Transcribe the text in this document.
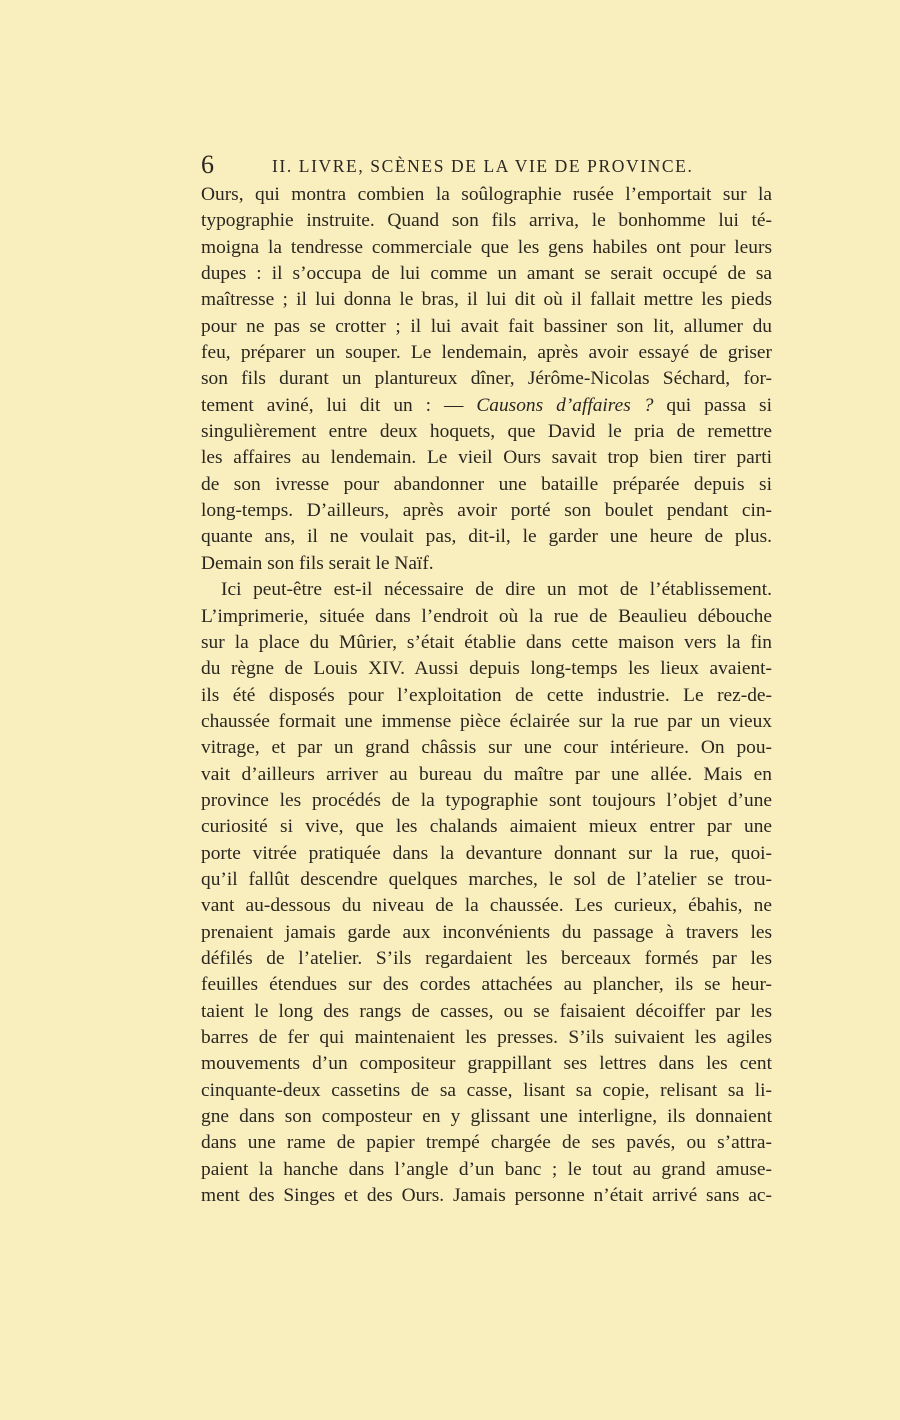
6	II. LIVRE, SCÈNES DE LA VIE DE PROVINCE.
Ours, qui montra combien la soûlographie rusée l’emportait sur la
typographie instruite. Quand son fils arriva, le bonhomme lui té-
moigna la tendresse commerciale que les gens habiles ont pour leurs
dupes : il s’occupa de lui comme un amant se serait occupé de sa
maîtresse ; il lui donna le bras, il lui dit où il fallait mettre les pieds
pour ne pas se crotter ; il lui avait fait bassiner son lit, allumer du
feu, préparer un souper. Le lendemain, après avoir essayé de griser
son fils durant un plantureux dîner, Jérôme-Nicolas Séchard, for-
tement aviné, lui dit un : — Causons d’affaires ? qui passa si
singulièrement entre deux hoquets, que David le pria de remettre
les affaires au lendemain. Le vieil Ours savait trop bien tirer parti
de son ivresse pour abandonner une bataille préparée depuis si
long-temps. D’ailleurs, après avoir porté son boulet pendant cin-
quante ans, il ne voulait pas, dit-il, le garder une heure de plus.
Demain son fils serait le Naïf.
Ici peut-être est-il nécessaire de dire un mot de l’établissement.
L’imprimerie, située dans l’endroit où la rue de Beaulieu débouche
sur la place du Mûrier, s’était établie dans cette maison vers la fin
du règne de Louis XIV. Aussi depuis long-temps les lieux avaient-
ils été disposés pour l’exploitation de cette industrie. Le rez-de-
chaussée formait une immense pièce éclairée sur la rue par un vieux
vitrage, et par un grand châssis sur une cour intérieure. On pou-
vait d’ailleurs arriver au bureau du maître par une allée. Mais en
province les procédés de la typographie sont toujours l’objet d’une
curiosité si vive, que les chalands aimaient mieux entrer par une
porte vitrée pratiquée dans la devanture donnant sur la rue, quoi-
qu’il fallût descendre quelques marches, le sol de l’atelier se trou-
vant au-dessous du niveau de la chaussée. Les curieux, ébahis, ne
prenaient jamais garde aux inconvénients du passage à travers les
défilés de l’atelier. S’ils regardaient les berceaux formés par les
feuilles étendues sur des cordes attachées au plancher, ils se heur-
taient le long des rangs de casses, ou se faisaient décoiffer par les
barres de fer qui maintenaient les presses. S’ils suivaient les agiles
mouvements d’un compositeur grappillant ses lettres dans les cent
cinquante-deux cassetins de sa casse, lisant sa copie, relisant sa li-
gne dans son composteur en y glissant une interligne, ils donnaient
dans une rame de papier trempé chargée de ses pavés, ou s’attra-
paient la hanche dans l’angle d’un banc ; le tout au grand amuse-
ment des Singes et des Ours. Jamais personne n’était arrivé sans ac-
